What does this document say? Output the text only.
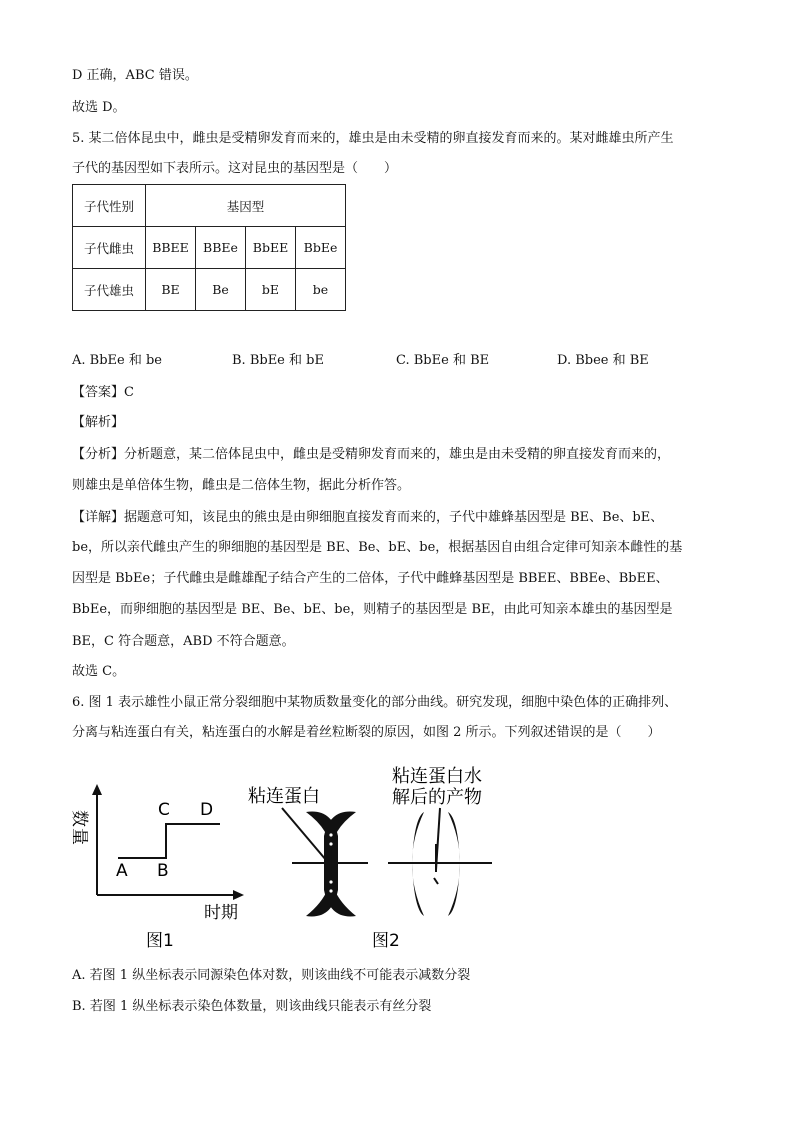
D 正确，ABC 错误。
故选 D。
5. 某二倍体昆虫中，雌虫是受精卵发育而来的，雄虫是由未受精的卵直接发育而来的。某对雌雄虫所产生
子代的基因型如下表所示。这对昆虫的基因型是（　　）
子代性别	基因型			
子代雌虫	BBEE	BBEe	BbEE	BbEe
子代雄虫	BE	Be	bE	be
A. BbEe 和 be	B. BbEe 和 bE	C. BbEe 和 BE	D. Bbee 和 BE
【答案】C
【解析】
【分析】分析题意，某二倍体昆虫中，雌虫是受精卵发育而来的，雄虫是由未受精的卵直接发育而来的，
则雄虫是单倍体生物，雌虫是二倍体生物，据此分析作答。
【详解】据题意可知，该昆虫的熊虫是由卵细胞直接发育而来的，子代中雄蜂基因型是 BE、Be、bE、
be，所以亲代雌虫产生的卵细胞的基因型是 BE、Be、bE、be，根据基因自由组合定律可知亲本雌性的基
因型是 BbEe；子代雌虫是雌雄配子结合产生的二倍体，子代中雌蜂基因型是 BBEE、BBEe、BbEE、
BbEe，而卵细胞的基因型是 BE、Be、bE、be，则精子的基因型是 BE，由此可知亲本雄虫的基因型是
BE，C 符合题意，ABD 不符合题意。
故选 C。
6. 图 1 表示雄性小鼠正常分裂细胞中某物质数量变化的部分曲线。研究发现，细胞中染色体的正确排列、
分离与粘连蛋白有关，粘连蛋白的水解是着丝粒断裂的原因，如图 2 所示。下列叙述错误的是（　　）
数量
A B
C D
时期
图1
粘连蛋白
粘连蛋白水
解后的产物
图2
A. 若图 1 纵坐标表示同源染色体对数，则该曲线不可能表示减数分裂
B. 若图 1 纵坐标表示染色体数量，则该曲线只能表示有丝分裂
